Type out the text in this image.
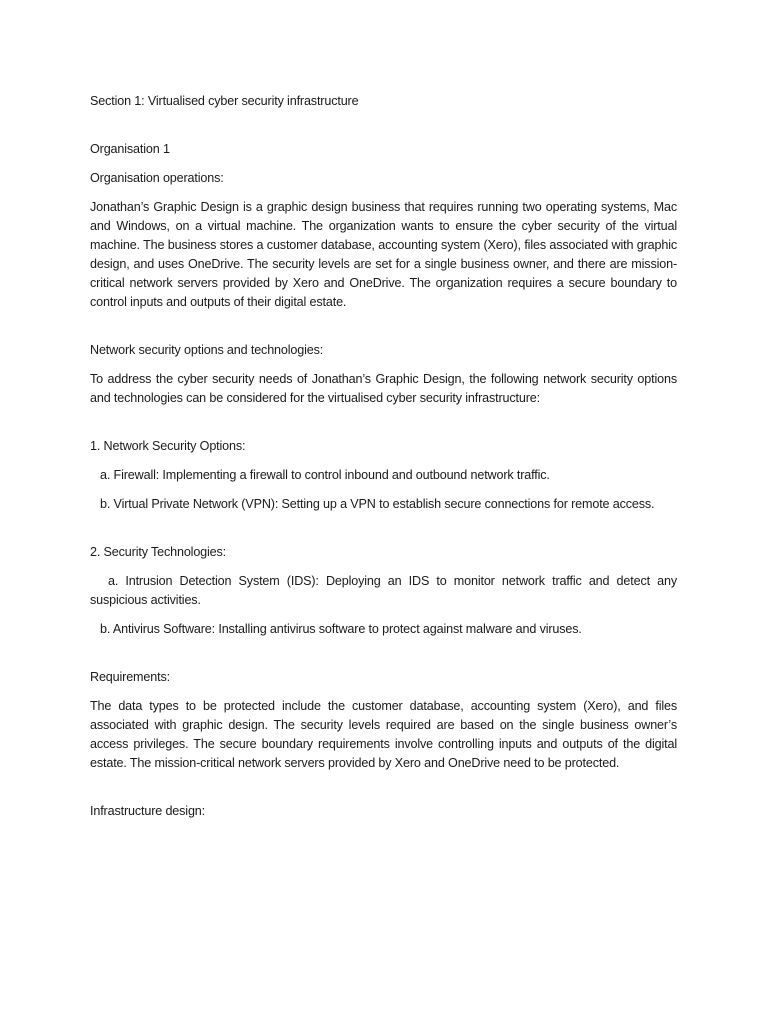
Section 1: Virtualised cyber security infrastructure

Organisation 1

Organisation operations:

Jonathan’s Graphic Design is a graphic design business that requires running two operating systems, Mac and Windows, on a virtual machine. The organization wants to ensure the cyber security of the virtual machine. The business stores a customer database, accounting system (Xero), files associated with graphic design, and uses OneDrive. The security levels are set for a single business owner, and there are mission-critical network servers provided by Xero and OneDrive. The organization requires a secure boundary to control inputs and outputs of their digital estate.

Network security options and technologies:

To address the cyber security needs of Jonathan’s Graphic Design, the following network security options and technologies can be considered for the virtualised cyber security infrastructure:

1. Network Security Options:

a. Firewall: Implementing a firewall to control inbound and outbound network traffic.

b. Virtual Private Network (VPN): Setting up a VPN to establish secure connections for remote access.

2. Security Technologies:

a. Intrusion Detection System (IDS): Deploying an IDS to monitor network traffic and detect any suspicious activities.

b. Antivirus Software: Installing antivirus software to protect against malware and viruses.

Requirements:

The data types to be protected include the customer database, accounting system (Xero), and files associated with graphic design. The security levels required are based on the single business owner’s access privileges. The secure boundary requirements involve controlling inputs and outputs of the digital estate. The mission-critical network servers provided by Xero and OneDrive need to be protected.

Infrastructure design:
